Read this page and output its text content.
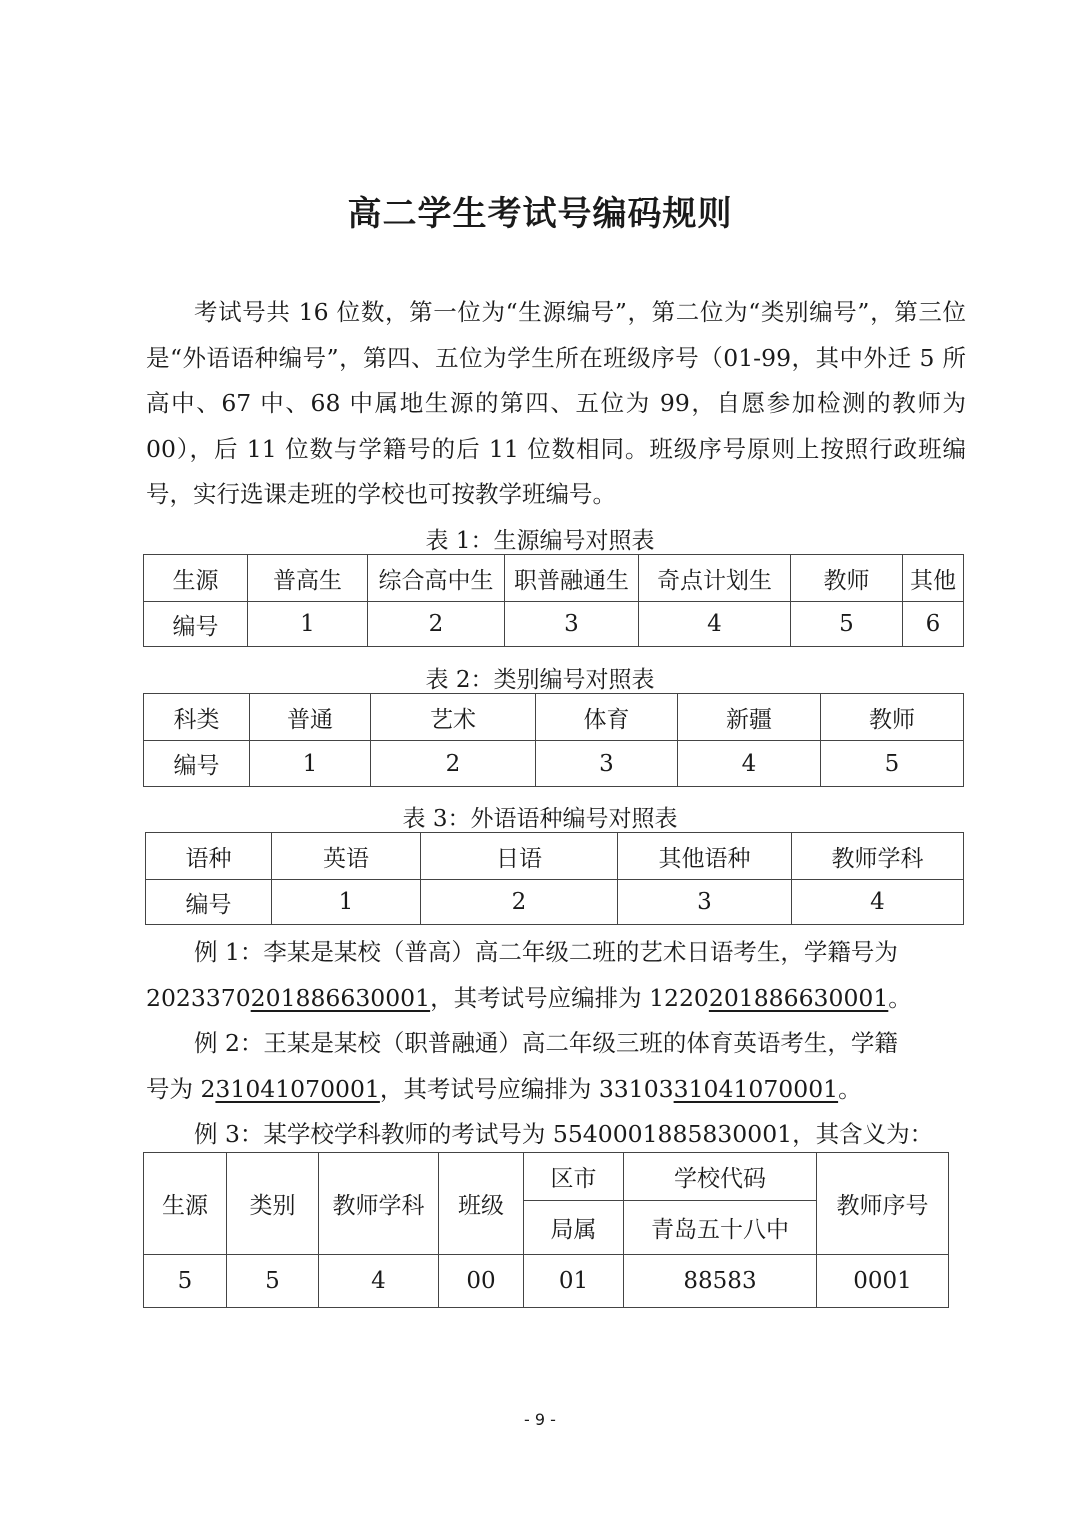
高二学生考试号编码规则

考试号共 16 位数，第一位为“生源编号”，第二位为“类别编号”，第三位是“外语语种编号”，第四、五位为学生所在班级序号（01-99，其中外迁 5 所高中、67 中、68 中属地生源的第四、五位为 99，自愿参加检测的教师为 00），后 11 位数与学籍号的后 11 位数相同。班级序号原则上按照行政班编号，实行选课走班的学校也可按教学班编号。

表 1：生源编号对照表
生源	普高生	综合高中生	职普融通生	奇点计划生	教师	其他
编号	1	2	3	4	5	6
表 2：类别编号对照表
科类	普通	艺术	体育	新疆	教师
编号	1	2	3	4	5
表 3：外语语种编号对照表
语种	英语	日语	其他语种	教师学科
编号	1	2	3	4

例 1：李某是某校（普高）高二年级二班的艺术日语考生，学籍号为

2023370201886630001，其考试号应编排为 1220201886630001。

例 2：王某是某校（职普融通）高二年级三班的体育英语考生，学籍

号为 231041070001，其考试号应编排为 3310331041070001。

例 3：某学校学科教师的考试号为 5540001885830001，其含义为：

生源	类别	教师学科	班级	区市	学校代码	教师序号
				局属	青岛五十八中	
5	5	4	00	01	88583	0001
- 9 -
